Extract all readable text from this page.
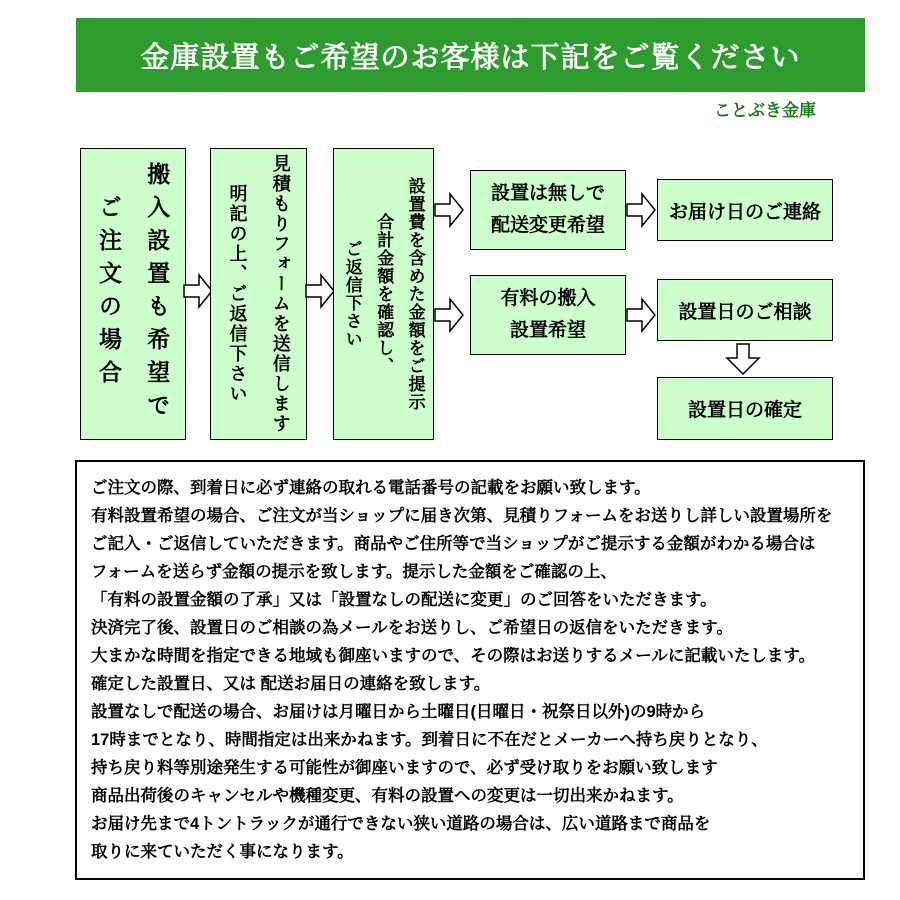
金庫設置もご希望のお客様は下記をご覧ください
ことぶき金庫
搬入設置も希望で
ご注文の場合	見積もりフォームを送信します
明記の上、ご返信下さい	設置費を含めた金額をご提示
合計金額を確認し、
ご返信下さい
設置は無しで
配送変更希望
有料の搬入
設置希望
お届け日のご連絡
設置日のご相談
設置日の確定
ご注文の際、到着日に必ず連絡の取れる電話番号の記載をお願い致します。
有料設置希望の場合、ご注文が当ショップに届き次第、見積りフォームをお送りし詳しい設置場所を
ご記入・ご返信していただきます。商品やご住所等で当ショップがご提示する金額がわかる場合は
フォームを送らず金額の提示を致します。提示した金額をご確認の上、
「有料の設置金額の了承」又は「設置なしの配送に変更」のご回答をいただきます。
決済完了後、設置日のご相談の為メールをお送りし、ご希望日の返信をいただきます。
大まかな時間を指定できる地域も御座いますので、その際はお送りするメールに記載いたします。
確定した設置日、又は 配送お届日の連絡を致します。
設置なしで配送の場合、お届けは月曜日から土曜日(日曜日・祝祭日以外)の9時から
17時までとなり、時間指定は出来かねます。到着日に不在だとメーカーへ持ち戻りとなり、
持ち戻り料等別途発生する可能性が御座いますので、必ず受け取りをお願い致します
商品出荷後のキャンセルや機種変更、有料の設置への変更は一切出来かねます。
お届け先まで4トントラックが通行できない狭い道路の場合は、広い道路まで商品を
取りに来ていただく事になります。
